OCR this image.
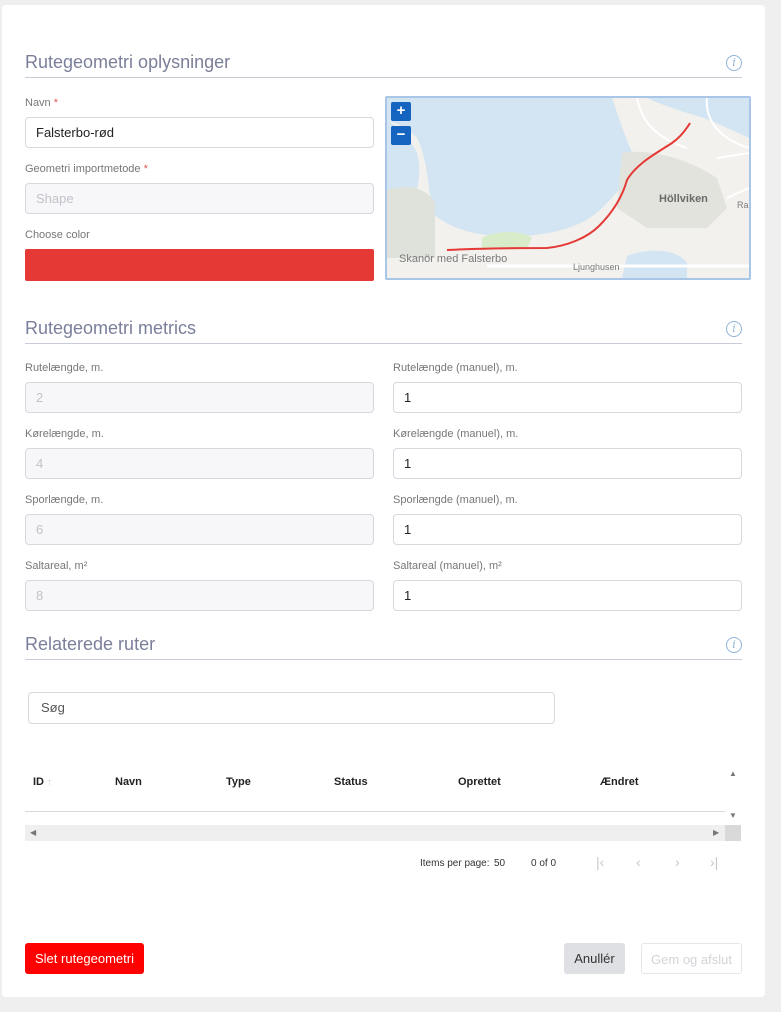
Rutegeometri oplysninger	i
Navn *
Falsterbo-rød
Geometri importmetode *
Shape
Choose color
Höllviken
Skanör med Falsterbo
Ljunghusen
Ra
+
−
Rutegeometri metrics	i
Rutelængde, m.	Rutelængde (manuel), m.
2	1
Kørelængde, m.	Kørelængde (manuel), m.
4	1
Sporlængde, m.	Sporlængde (manuel), m.
6	1
Saltareal, m²	Saltareal (manuel), m²
8	1
Relaterede ruter	i
Søg
ID ↑	Navn	Type	Status	Oprettet	Ændret
▲
▼
◀	▶
Items per page: 50	0 of 0	|‹ ‹ › ›|
Slet rutegeometri	Anullér	Gem og afslut
